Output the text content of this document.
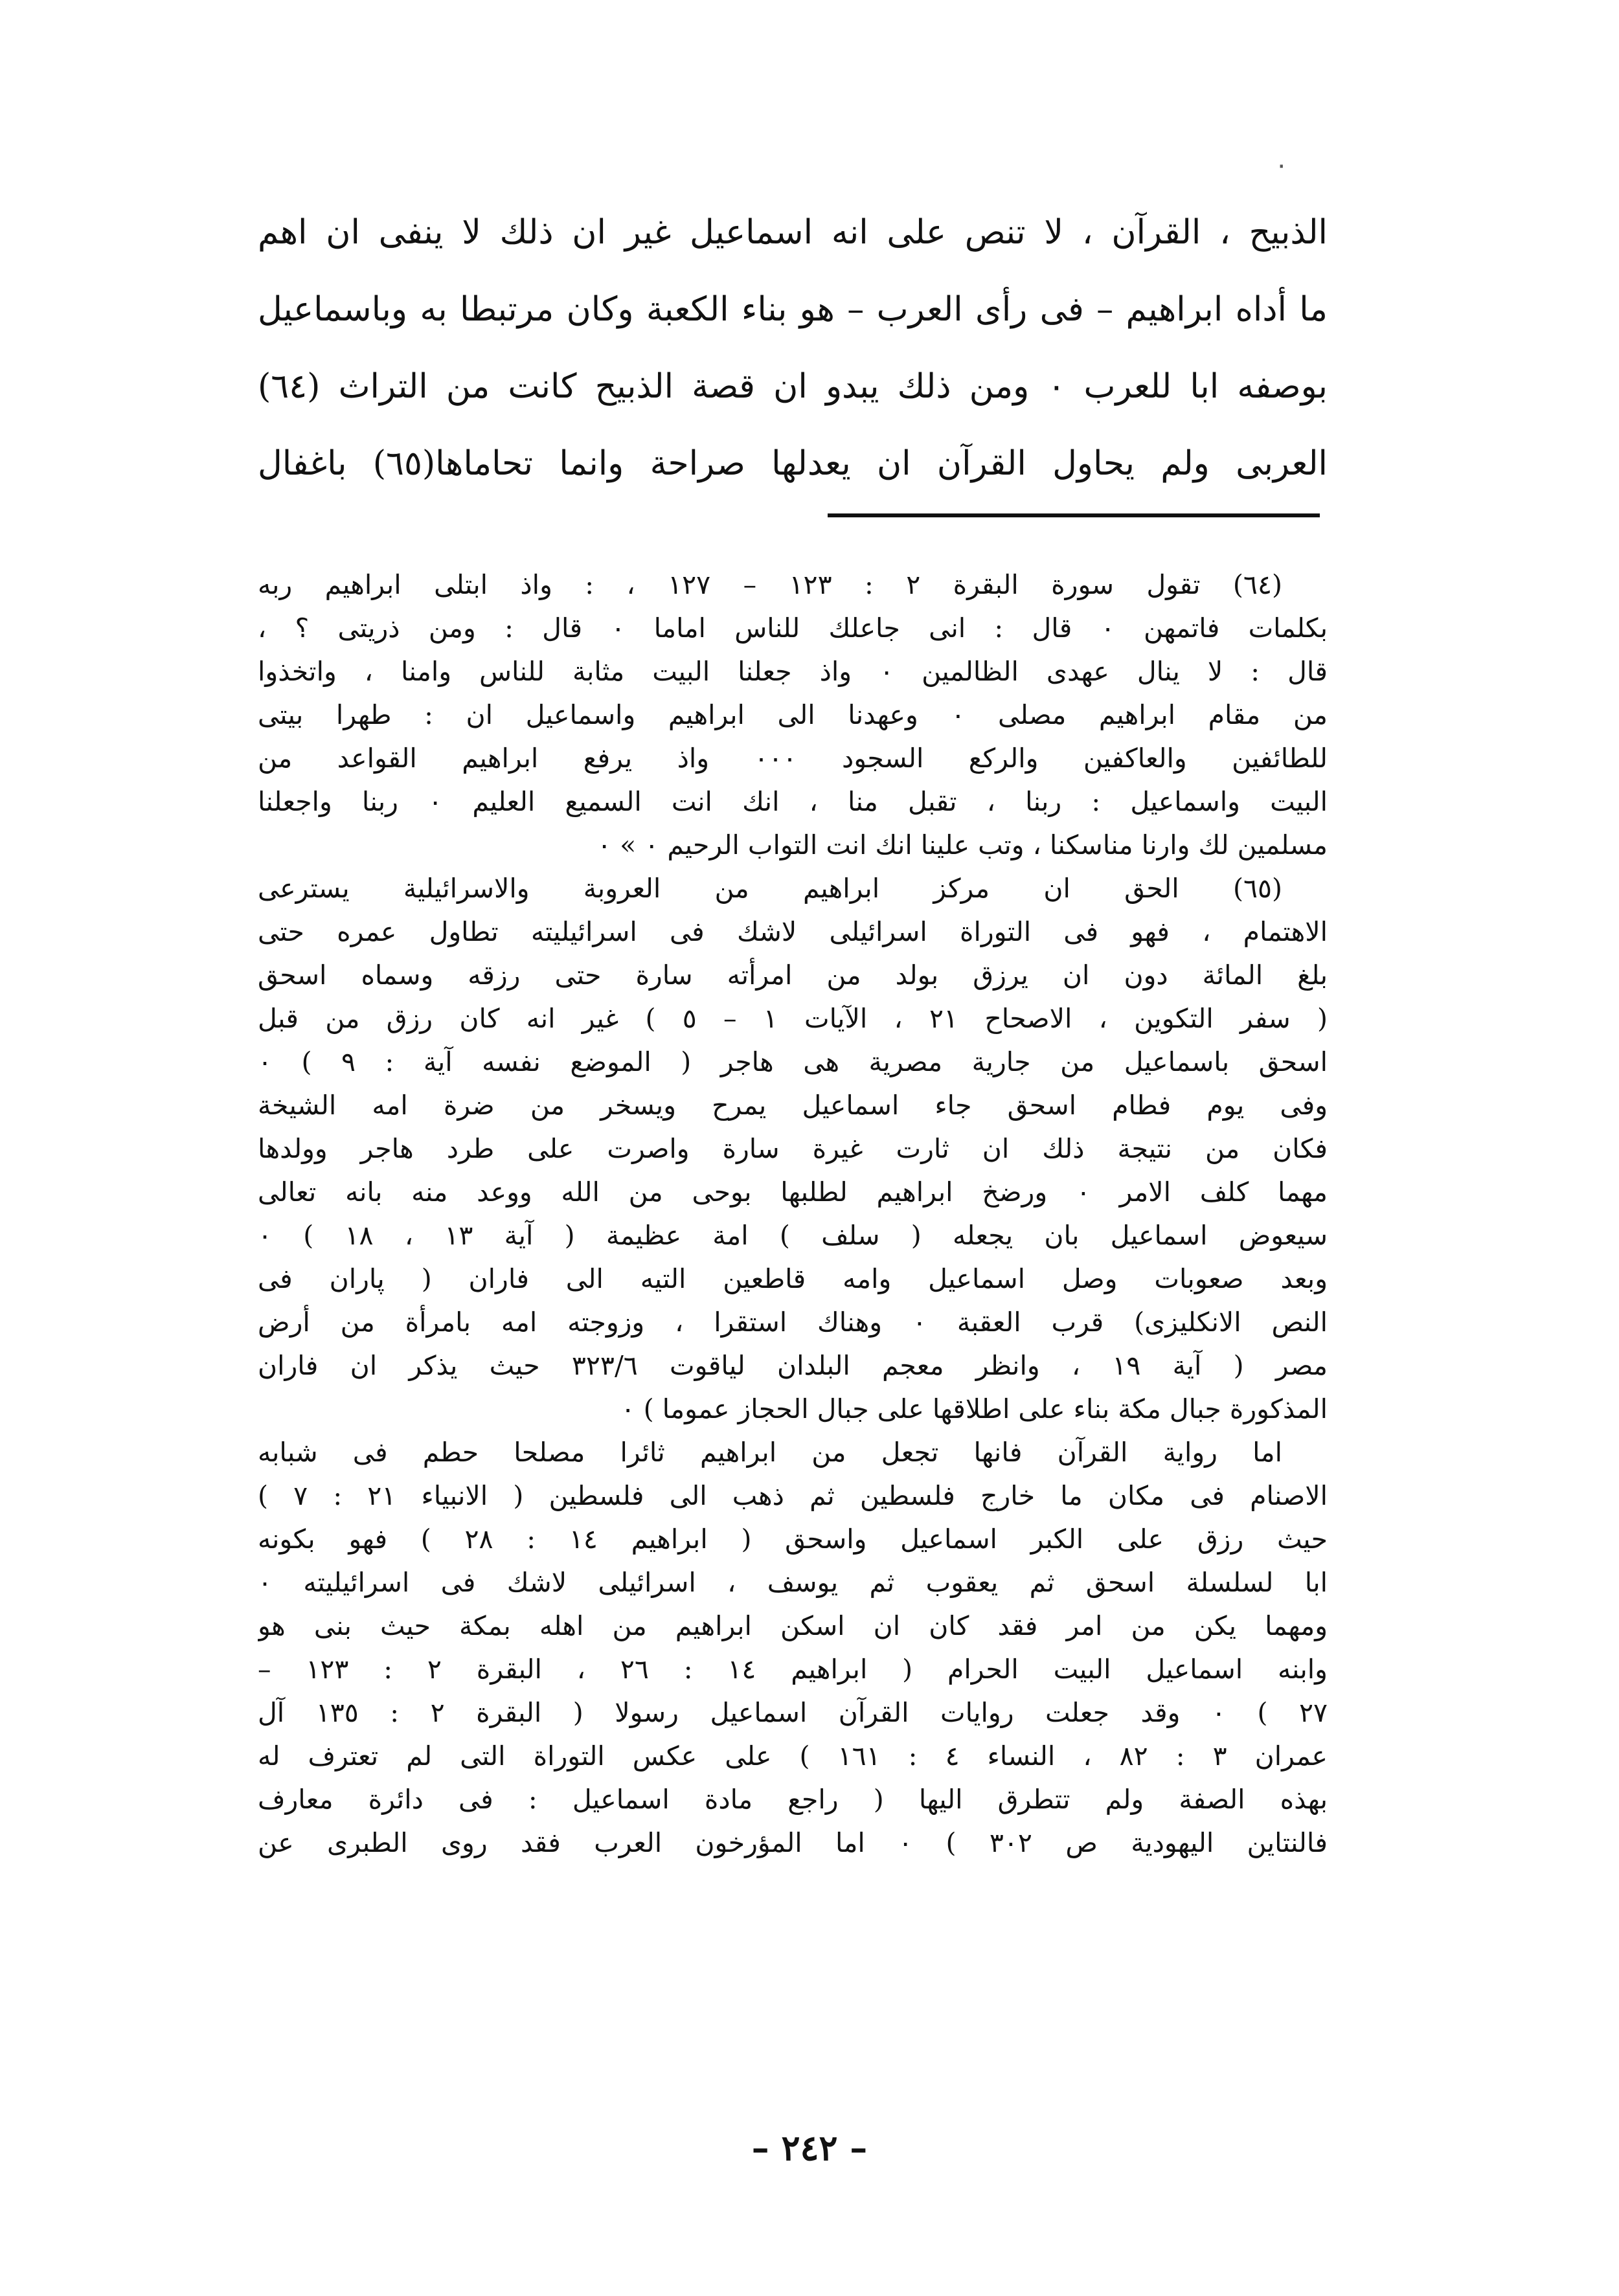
۰
الذبيح ، القرآن ، لا تنص على انه اسماعيل غير ان ذلك لا ينفى ان اهم
ما أداه ابراهيم – فى رأى العرب – هو بناء الكعبة وكان مرتبطا به وباسماعيل
بوصفه ابا للعرب ۰ ومن ذلك يبدو ان قصة الذبيح كانت من التراث (٦٤)
العربى ولم يحاول القرآن ان يعدلها صراحة وانما تحاماها(٦٥) باغفال
(٦٤) تقول سورة البقرة ٢ : ١٢٣ – ١٢٧ ، : واذ ابتلى ابراهيم ربه
بكلمات فاتمهن ۰ قال : انى جاعلك للناس اماما ۰ قال : ومن ذريتى ؟ ،
قال : لا ينال عهدى الظالمين ۰ واذ جعلنا البيت مثابة للناس وامنا ، واتخذوا
من مقام ابراهيم مصلى ۰ وعهدنا الى ابراهيم واسماعيل ان : طهرا بيتى
للطائفين والعاكفين والركع السجود ۰۰۰ واذ يرفع ابراهيم القواعد من
البيت واسماعيل : ربنا ، تقبل منا ، انك انت السميع العليم ۰ ربنا واجعلنا
مسلمين لك وارنا مناسكنا ، وتب علينا انك انت التواب الرحيم ۰ » ۰
(٦٥) الحق ان مركز ابراهيم من العروبة والاسرائيلية يسترعى
الاهتمام ، فهو فى التوراة اسرائيلى لاشك فى اسرائيليته تطاول عمره حتى
بلغ المائة دون ان يرزق بولد من امرأته سارة حتى رزقه وسماه اسحق
( سفر التكوين ، الاصحاح ٢١ ، الآيات ١ – ٥ ) غير انه كان رزق من قبل
اسحق باسماعيل من جارية مصرية هى هاجر ( الموضع نفسه آية : ٩ ) ۰
وفى يوم فطام اسحق جاء اسماعيل يمرح ويسخر من ضرة امه الشيخة
فكان من نتيجة ذلك ان ثارت غيرة سارة واصرت على طرد هاجر وولدها
مهما كلف الامر ۰ ورضخ ابراهيم لطلبها بوحى من الله ووعد منه بانه تعالى
سيعوض اسماعيل بان يجعله ( سلف ) امة عظيمة ( آية ١٣ ، ١٨ ) ۰
وبعد صعوبات وصل اسماعيل وامه قاطعين التيه الى فاران ( پاران فى
النص الانكليزى) قرب العقبة ۰ وهناك استقرا ، وزوجته امه بامرأة من أرض
مصر ( آية ١٩ ، وانظر معجم البلدان لياقوت ٣٢٣/٦ حيث يذكر ان فاران
المذكورة جبال مكة بناء على اطلاقها على جبال الحجاز عموما ) ۰
اما رواية القرآن فانها تجعل من ابراهيم ثائرا مصلحا حطم فى شبابه
الاصنام فى مكان ما خارج فلسطين ثم ذهب الى فلسطين ( الانبياء ٢١ : ٧ )
حيث رزق على الكبر اسماعيل واسحق ( ابراهيم ١٤ : ٢٨ ) فهو بكونه
ابا لسلسلة اسحق ثم يعقوب ثم يوسف ، اسرائيلى لاشك فى اسرائيليته ۰
ومهما يكن من امر فقد كان ان اسكن ابراهيم من اهله بمكة حيث بنى هو
وابنه اسماعيل البيت الحرام ( ابراهيم ١٤ : ٢٦ ، البقرة ٢ : ١٢٣ –
٢٧ ) ۰ وقد جعلت روايات القرآن اسماعيل رسولا ( البقرة ٢ : ١٣٥ آل
عمران ٣ : ٨٢ ، النساء ٤ : ١٦١ ) على عكس التوراة التى لم تعترف له
بهذه الصفة ولم تتطرق اليها ( راجع مادة اسماعيل : فى دائرة معارف
فالنتاين اليهودية ص ٣٠٢ ) ۰ اما المؤرخون العرب فقد روى الطبرى عن
– ٢٤٢ –
